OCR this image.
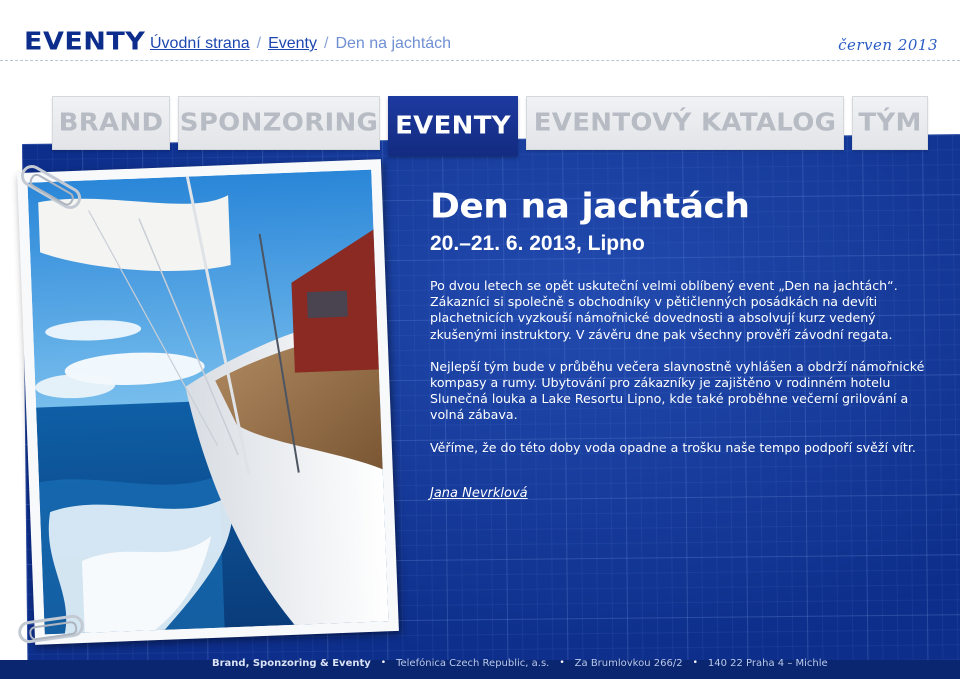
EVENTY Úvodní strana / Eventy / Den na jachtách	červen 2013
BRAND SPONZORING EVENTY EVENTOVÝ KATALOG TÝM
Den na jachtách
20.–21. 6. 2013, Lipno

Po dvou letech se opět uskuteční velmi oblíbený event „Den na jachtách“. Zákazníci si společně s obchodníky v pětičlenných posádkách na devíti plachetnicích vyzkouší námořnické dovednosti a absolvují kurz vedený zkušenými instruktory. V závěru dne pak všechny prověří závodní regata.

Nejlepší tým bude v průběhu večera slavnostně vyhlášen a obdrží námořnické kompasy a rumy. Ubytování pro zákazníky je zajištěno v rodinném hotelu Slunečná louka a Lake Resortu Lipno, kde také proběhne večerní grilování a volná zábava.

Věříme, že do této doby voda opadne a trošku naše tempo podpoří svěží vítr.

Jana Nevrklová
Brand, Sponzoring & Eventy • Telefónica Czech Republic, a.s. • Za Brumlovkou 266/2 • 140 22 Praha 4 – Michle
